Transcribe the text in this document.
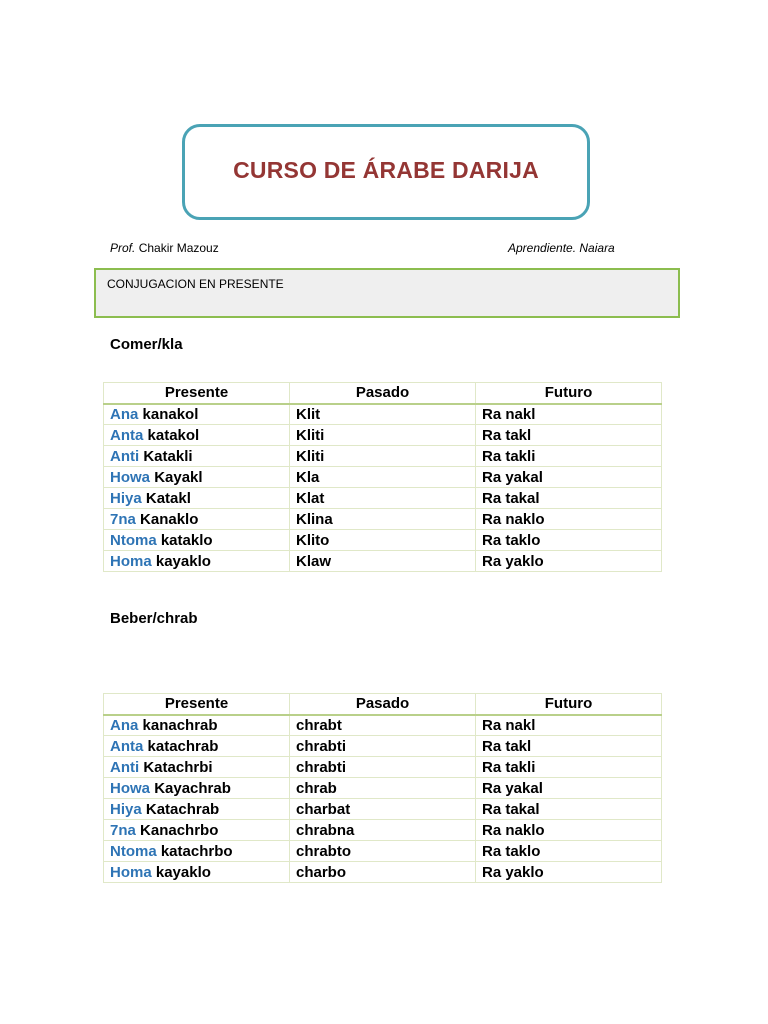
CURSO DE ÁRABE DARIJA
Prof. Chakir Mazouz	Aprendiente. Naiara
CONJUGACION EN PRESENTE
Comer/kla
Presente	Pasado	Futuro
Ana kanakol	Klit	Ra nakl
Anta katakol	Kliti	Ra takl
Anti Katakli	Kliti	Ra takli
Howa Kayakl	Kla	Ra yakal
Hiya Katakl	Klat	Ra takal
7na Kanaklo	Klina	Ra naklo
Ntoma kataklo	Klito	Ra taklo
Homa kayaklo	Klaw	Ra yaklo
Beber/chrab
Presente	Pasado	Futuro
Ana kanachrab	chrabt	Ra nakl
Anta katachrab	chrabti	Ra takl
Anti Katachrbi	chrabti	Ra takli
Howa Kayachrab	chrab	Ra yakal
Hiya Katachrab	charbat	Ra takal
7na Kanachrbo	chrabna	Ra naklo
Ntoma katachrbo	chrabto	Ra taklo
Homa kayaklo	charbo	Ra yaklo
